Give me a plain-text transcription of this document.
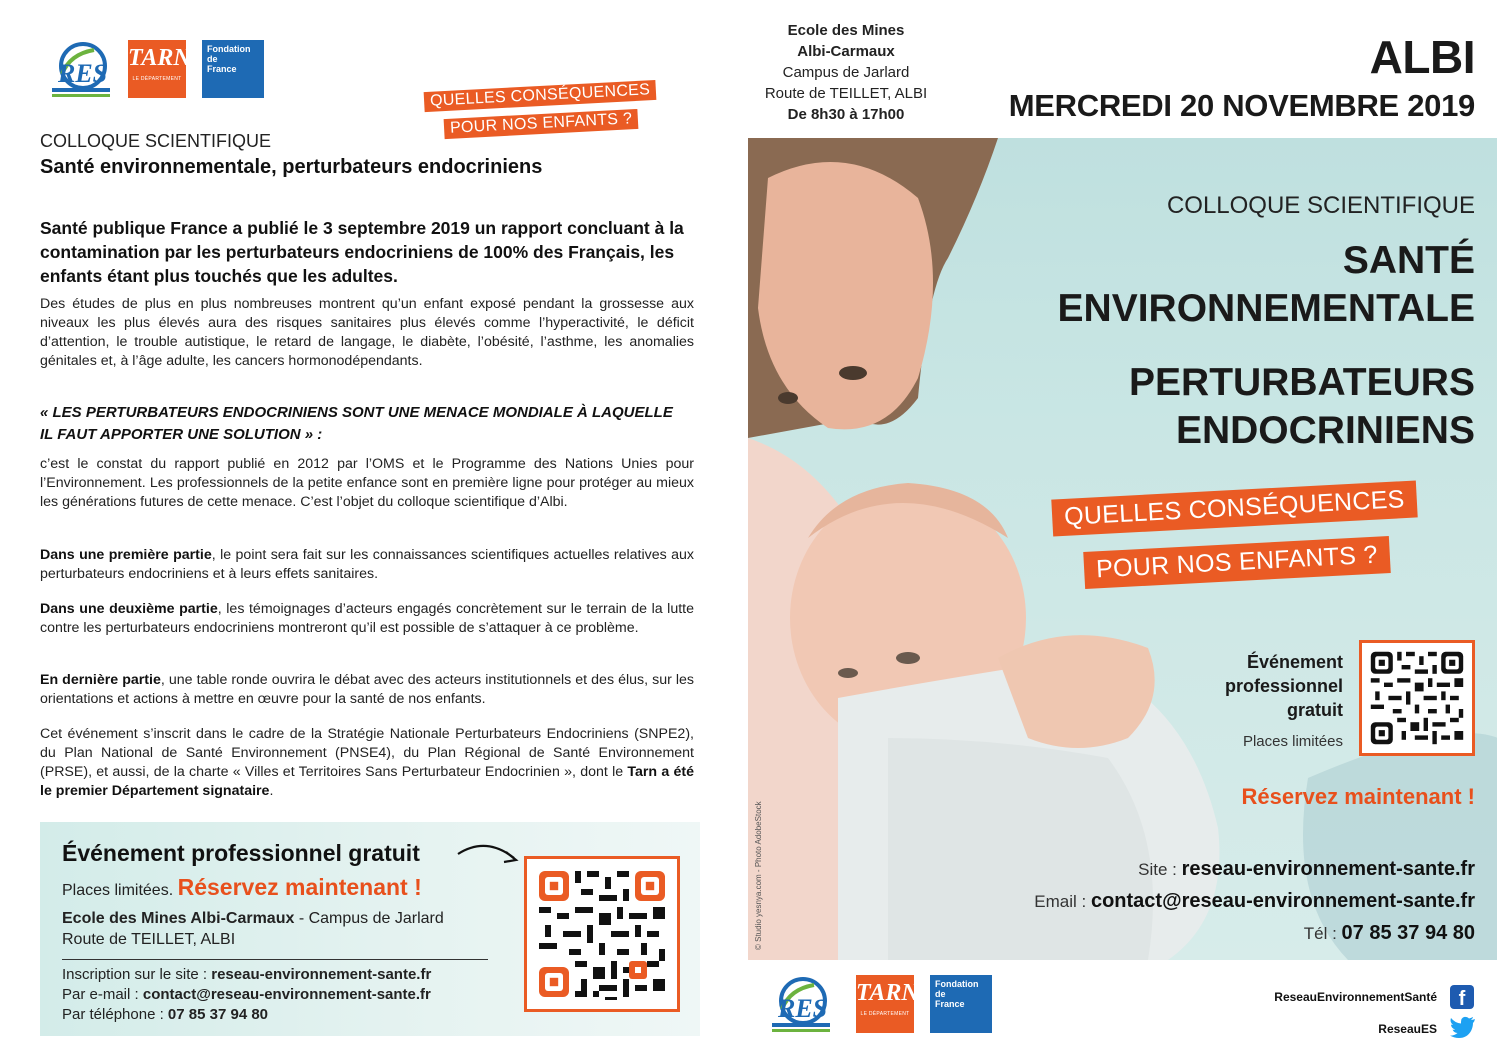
RES
TARN
LE DÉPARTEMENT
Fondation de France
QUELLES CONSÉQUENCES
POUR NOS ENFANTS ?
COLLOQUE SCIENTIFIQUE
Santé environnementale, perturbateurs endocriniens
Santé publique France a publié le 3 septembre 2019 un rapport concluant à la contamination par les perturbateurs endocriniens de 100% des Français, les enfants étant plus touchés que les adultes.
Des études de plus en plus nombreuses montrent qu’un enfant exposé pendant la grossesse aux niveaux les plus élevés aura des risques sanitaires plus élevés comme l’hyperactivité, le déficit d’attention, le trouble autistique, le retard de langage, le diabète, l’obésité, l’asthme, les anomalies génitales et, à l’âge adulte, les cancers hormonodépendants.
« LES PERTURBATEURS ENDOCRINIENS SONT UNE MENACE MONDIALE À LAQUELLE IL FAUT APPORTER UNE SOLUTION » :
c’est le constat du rapport publié en 2012 par l’OMS et le Programme des Nations Unies pour l’Environnement. Les professionnels de la petite enfance sont en première ligne pour protéger au mieux les générations futures de cette menace. C’est l’objet du colloque scientifique d’Albi.
Dans une première partie, le point sera fait sur les connaissances scientifiques actuelles relatives aux perturbateurs endocriniens et à leurs effets sanitaires.
Dans une deuxième partie, les témoignages d’acteurs engagés concrètement sur le terrain de la lutte contre les perturbateurs endocriniens montreront qu’il est possible de s’attaquer à ce problème.
En dernière partie, une table ronde ouvrira le débat avec des acteurs institutionnels et des élus, sur les orientations et actions à mettre en œuvre pour la santé de nos enfants.
Cet événement s’inscrit dans le cadre de la Stratégie Nationale Perturbateurs Endocriniens (SNPE2), du Plan National de Santé Environnement (PNSE4), du Plan Régional de Santé Environnement (PRSE), et aussi, de la charte « Villes et Territoires Sans Perturbateur Endocrinien », dont le Tarn a été le premier Département signataire.
Événement professionnel gratuit
Places limitées. Réservez maintenant !
Ecole des Mines Albi-Carmaux - Campus de Jarlard
Route de TEILLET, ALBI
Inscription sur le site : reseau-environnement-sante.fr
Par e-mail : contact@reseau-environnement-sante.fr
Par téléphone : 07 85 37 94 80
Ecole des Mines
Albi-Carmaux
Campus de Jarlard
Route de TEILLET, ALBI
De 8h30 à 17h00
ALBI
MERCREDI 20 NOVEMBRE 2019
© Studio yesnya.com - Photo AdobeStock
COLLOQUE SCIENTIFIQUE
SANTÉ
ENVIRONNEMENTALE
PERTURBATEURS
ENDOCRINIENS
QUELLES CONSÉQUENCES
POUR NOS ENFANTS ?
Événement
professionnel
gratuit
Places limitées
Réservez maintenant !
Site : reseau-environnement-sante.fr
Email : contact@reseau-environnement-sante.fr
Tél : 07 85 37 94 80
RES
TARN
LE DÉPARTEMENT
Fondation de France	ReseauEnvironnementSanté	f
ReseauES
